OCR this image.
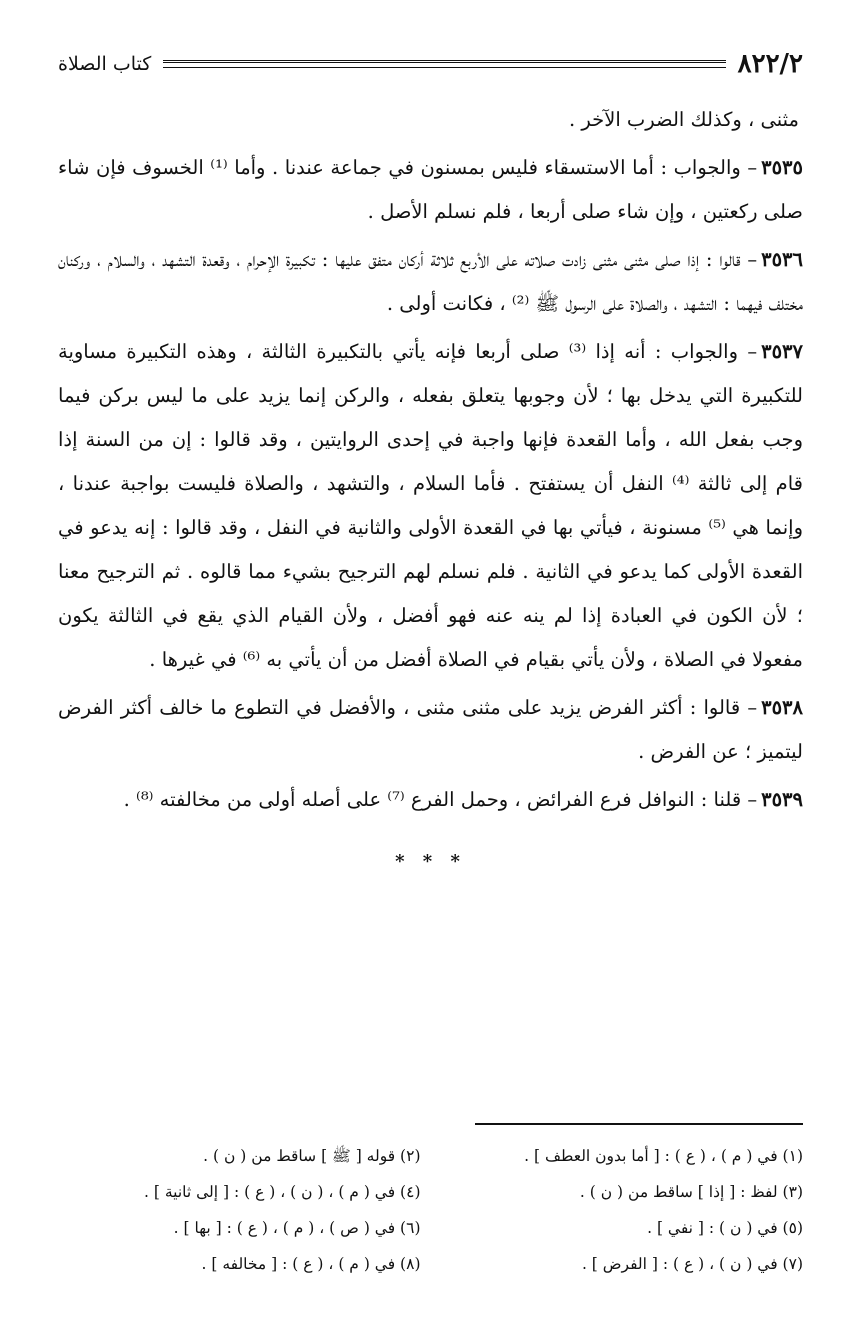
٨٢٢/٢
كتاب الصلاة

مثنى ، وكذلك الضرب الآخر .

٣٥٣٥– والجواب : أما الاستسقاء فليس بمسنون في جماعة عندنا . وأما ⁽¹⁾ الخسوف فإن شاء صلى ركعتين ، وإن شاء صلى أربعا ، فلم نسلم الأصل .

٣٥٣٦– قالوا : إذا صلى مثنى مثنى زادت صلاته على الأربع ثلاثة أركان متفق عليها : تكبيرة الإحرام ، وقعدة التشهد ، والسلام ، وركنان مختلف فيهما : التشهد ، والصلاة على الرسول ﷺ ⁽²⁾ ، فكانت أولى .

٣٥٣٧– والجواب : أنه إذا ⁽³⁾ صلى أربعا فإنه يأتي بالتكبيرة الثالثة ، وهذه التكبيرة مساوية للتكبيرة التي يدخل بها ؛ لأن وجوبها يتعلق بفعله ، والركن إنما يزيد على ما ليس بركن فيما وجب بفعل الله ، وأما القعدة فإنها واجبة في إحدى الروايتين ، وقد قالوا : إن من السنة إذا قام إلى ثالثة ⁽⁴⁾ النفل أن يستفتح . فأما السلام ، والتشهد ، والصلاة فليست بواجبة عندنا ، وإنما هي ⁽⁵⁾ مسنونة ، فيأتي بها في القعدة الأولى والثانية في النفل ، وقد قالوا : إنه يدعو في القعدة الأولى كما يدعو في الثانية . فلم نسلم لهم الترجيح بشيء مما قالوه . ثم الترجيح معنا ؛ لأن الكون في العبادة إذا لم ينه عنه فهو أفضل ، ولأن القيام الذي يقع في الثالثة يكون مفعولا في الصلاة ، ولأن يأتي بقيام في الصلاة أفضل من أن يأتي به ⁽⁶⁾ في غيرها .

٣٥٣٨– قالوا : أكثر الفرض يزيد على مثنى مثنى ، والأفضل في التطوع ما خالف أكثر الفرض ليتميز ؛ عن الفرض .

٣٥٣٩– قلنا : النوافل فرع الفرائض ، وحمل الفرع ⁽⁷⁾ على أصله أولى من مخالفته ⁽⁸⁾ .

* * *
(١) في ( م ) ، ( ع ) : [ أما بدون العطف ] .
(٢) قوله [ ﷺ ] ساقط من ( ن ) .
(٣) لفظ : [ إذا ] ساقط من ( ن ) .
(٤) في ( م ) ، ( ن ) ، ( ع ) : [ إلى ثانية ] .
(٥) في ( ن ) : [ نفي ] .
(٦) في ( ص ) ، ( م ) ، ( ع ) : [ بها ] .
(٧) في ( ن ) ، ( ع ) : [ الفرض ] .
(٨) في ( م ) ، ( ع ) : [ مخالفه ] .
